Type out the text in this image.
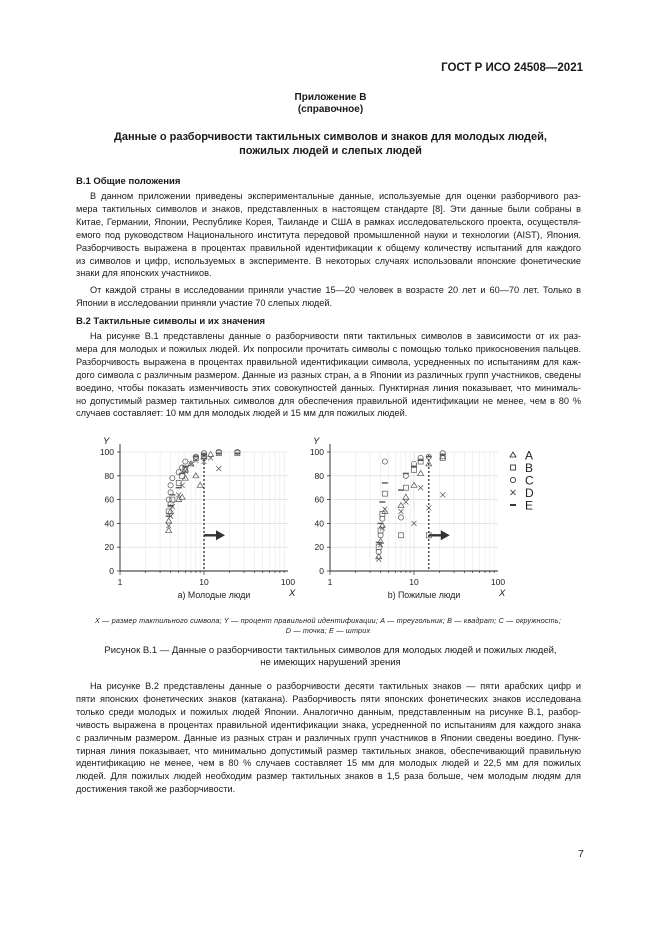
ГОСТ Р ИСО 24508—2021
Приложение В
(справочное)
Данные о разборчивости тактильных символов и знаков для молодых людей,
пожилых людей и слепых людей
В.1 Общие положения
В данном приложении приведены экспериментальные данные, используемые для оценки разборчивого раз-
мера тактильных символов и знаков, представленных в настоящем стандарте [8]. Эти данные были собраны в
Китае, Германии, Японии, Республике Корея, Таиланде и США в рамках исследовательского проекта, осуществля-
емого под руководством Национального института передовой промышленной науки и технологии (AIST), Япония.
Разборчивость выражена в процентах правильной идентификации к общему количеству испытаний для каждого
из символов и цифр, используемых в эксперименте. В некоторых случаях использовали японские фонетические
знаки для японских участников.
От каждой страны в исследовании приняли участие 15—20 человек в возрасте 20 лет и 60—70 лет. Только в
Японии в исследовании приняли участие 70 слепых людей.
В.2 Тактильные символы и их значения
На рисунке В.1 представлены данные о разборчивости пяти тактильных символов в зависимости от их раз-
мера для молодых и пожилых людей. Их попросили прочитать символы с помощью только прикосновения пальцев.
Разборчивость выражена в процентах правильной идентификации символа, усредненных по испытаниям для каж-
дого символа с различным размером. Данные из разных стран, а в Японии из различных групп участников, сведены
воедино, чтобы показать изменчивость этих совокупностей данных. Пунктирная линия показывает, что минималь-
но допустимый размер тактильных символов для обеспечения правильной идентификации не менее, чем в 80 %
случаев составляет: 10 мм для молодых людей и 15 мм для пожилых людей.
0
20
40
60
80
100
1	10	100
Y
X
а) Молодые люди
0
20
40
60
80
100
1	10	100
Y
X
b) Пожилые люди
A
B
C
D
E
X — размер тактильного символа; Y — процент правильной идентификации; A — треугольник; B — квадрат; C — окружность;
D — точка; E — штрих
Рисунок В.1 — Данные о разборчивости тактильных символов для молодых людей и пожилых людей,
не имеющих нарушений зрения
На рисунке В.2 представлены данные о разборчивости десяти тактильных знаков — пяти арабских цифр и
пяти японских фонетических знаков (катакана). Разборчивость пяти японских фонетических знаков исследована
только среди молодых и пожилых людей Японии. Аналогично данным, представленным на рисунке В.1, разбор-
чивость выражена в процентах правильной идентификации знака, усредненной по испытаниям для каждого знака
с различным размером. Данные из разных стран и различных групп участников в Японии сведены воедино. Пунк-
тирная линия показывает, что минимально допустимый размер тактильных знаков, обеспечивающий правильную
идентификацию не менее, чем в 80 % случаев составляет 15 мм для молодых людей и 22,5 мм для пожилых
людей. Для пожилых людей необходим размер тактильных знаков в 1,5 раза больше, чем молодым людям для
достижения такой же разборчивости.
7
